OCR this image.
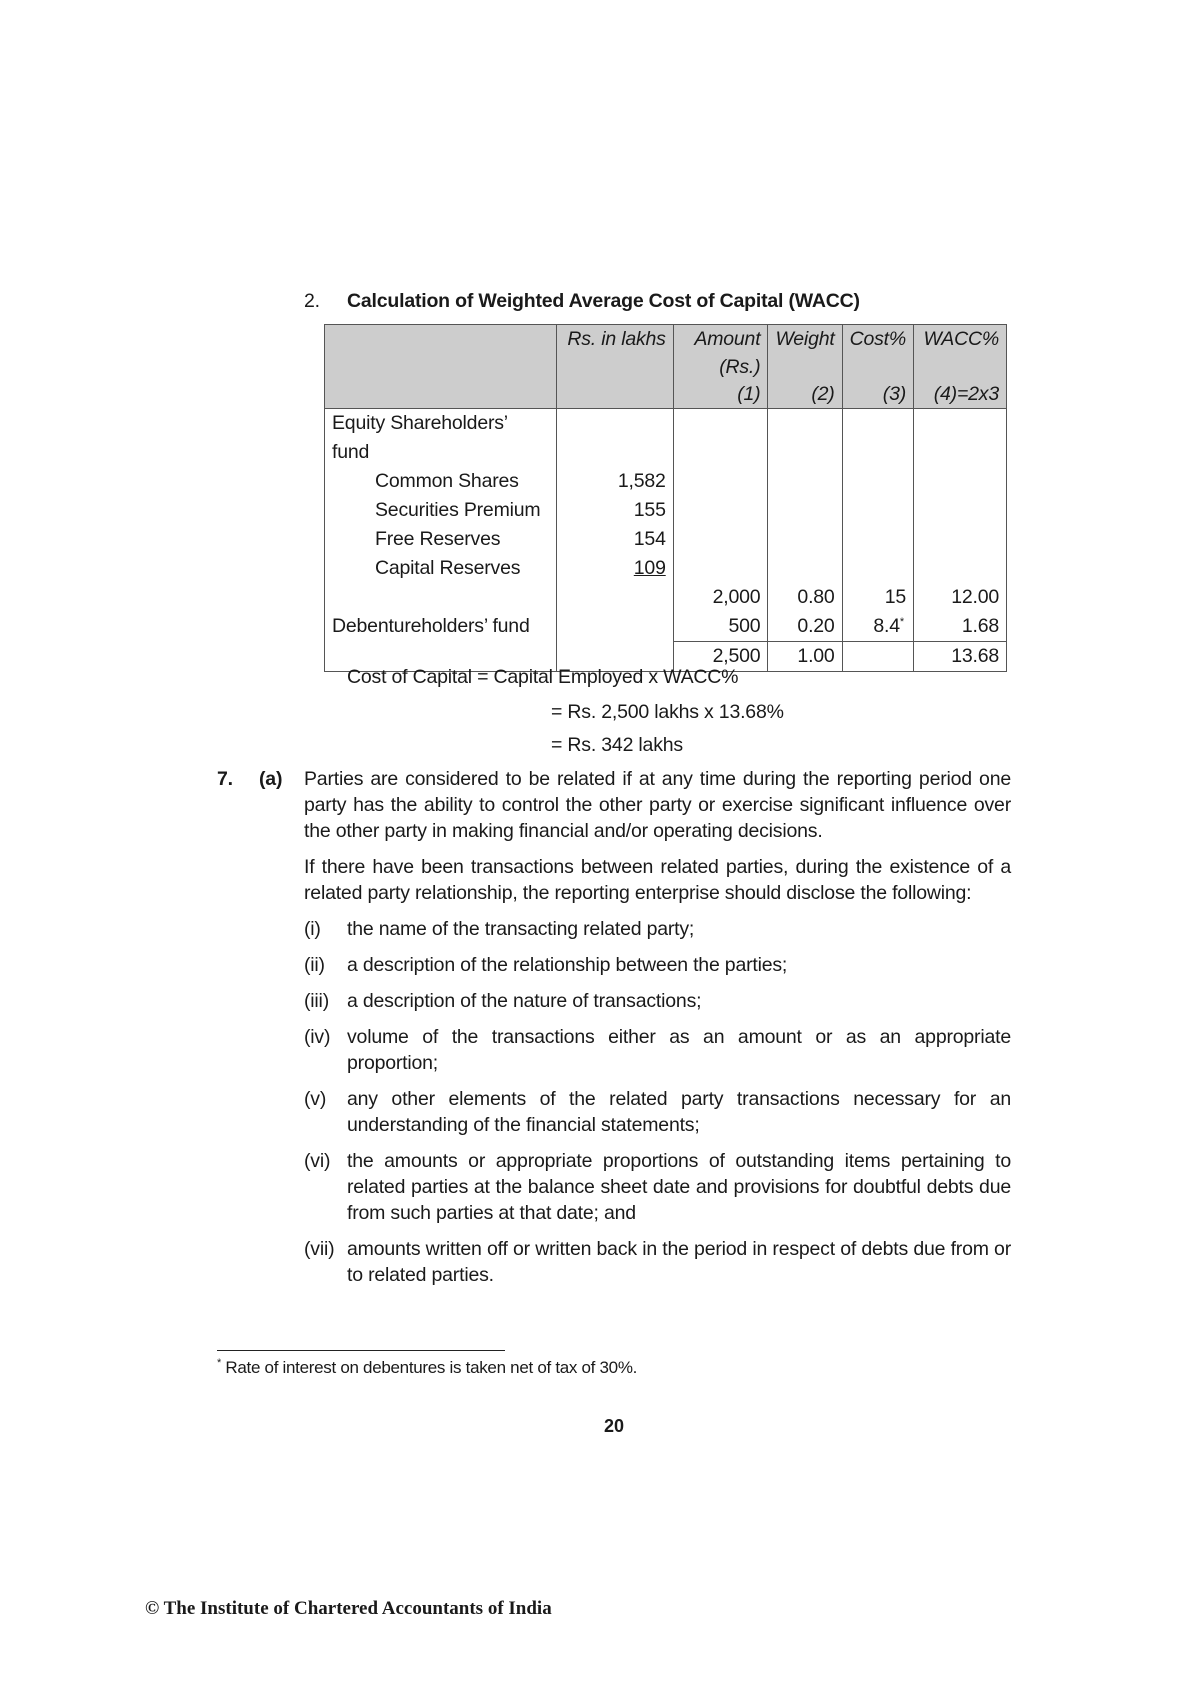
2. Calculation of Weighted Average Cost of Capital (WACC)
	Rs. in lakhs	Amount	Weight	Cost%	WACC%
		(Rs.)			
		(1)	(2)	(3)	(4)=2x3
Equity Shareholders’ fund					
Common Shares	1,582				
Securities Premium	155				
Free Reserves	154				
Capital Reserves	109				
		2,000	0.80	15	12.00
Debentureholders’ fund		500	0.20	8.4*	1.68
		2,500	1.00		13.68
Cost of Capital = Capital Employed x WACC%
= Rs. 2,500 lakhs x 13.68%
= Rs. 342 lakhs
7. (a) Parties are considered to be related if at any time during the reporting period one party has the ability to control the other party or exercise significant influence over the other party in making financial and/or operating decisions.
If there have been transactions between related parties, during the existence of a related party relationship, the reporting enterprise should disclose the following:
(i) the name of the transacting related party;
(ii) a description of the relationship between the parties;
(iii) a description of the nature of transactions;
(iv) volume of the transactions either as an amount or as an appropriate proportion;
(v) any other elements of the related party transactions necessary for an understanding of the financial statements;
(vi) the amounts or appropriate proportions of outstanding items pertaining to related parties at the balance sheet date and provisions for doubtful debts due from such parties at that date; and
(vii) amounts written off or written back in the period in respect of debts due from or to related parties.
* Rate of interest on debentures is taken net of tax of 30%.
20
© The Institute of Chartered Accountants of India
